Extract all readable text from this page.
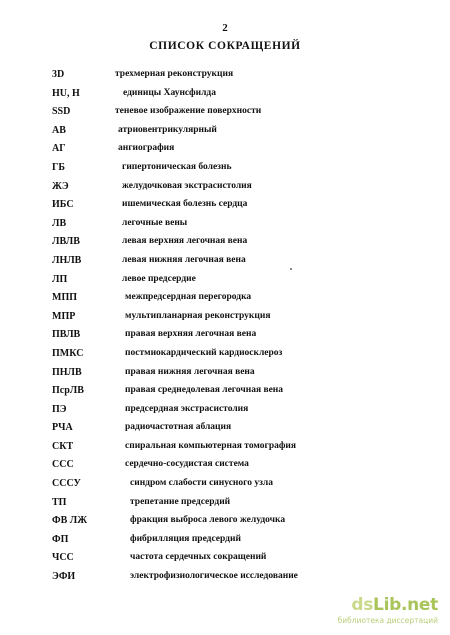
2
СПИСОК СОКРАЩЕНИЙ
3D	трехмерная реконструкция
HU, Н	единицы Хаунсфилда
SSD	теневое изображение поверхности
АВ	атриовентрикулярный
АГ	ангиография
ГБ	гипертоническая болезнь
ЖЭ	желудочковая экстрасистолия
ИБС	ишемическая болезнь сердца
ЛВ	легочные вены
ЛВЛВ	левая верхняя легочная вена
ЛНЛВ	левая нижняя легочная вена
ЛП	левое предсердие
МПП	межпредсердная перегородка
МПР	мультипланарная реконструкция
ПВЛВ	правая верхняя легочная вена
ПМКС	постмиокардический кардиосклероз
ПНЛВ	правая нижняя легочная вена
ПсрЛВ	правая среднедолевая легочная вена
ПЭ	предсердная экстрасистолия
РЧА	радиочастотная аблация
СКТ	спиральная компьютерная томография
ССС	сердечно-сосудистая система
СССУ	синдром слабости синусного узла
ТП	трепетание предсердий
ФВ ЛЖ	фракция выброса левого желудочка
ФП	фибрилляция предсердий
ЧСС	частота сердечных сокращений
ЭФИ	электрофизиологическое исследование
dsLib.net
библиотека диссертаций
